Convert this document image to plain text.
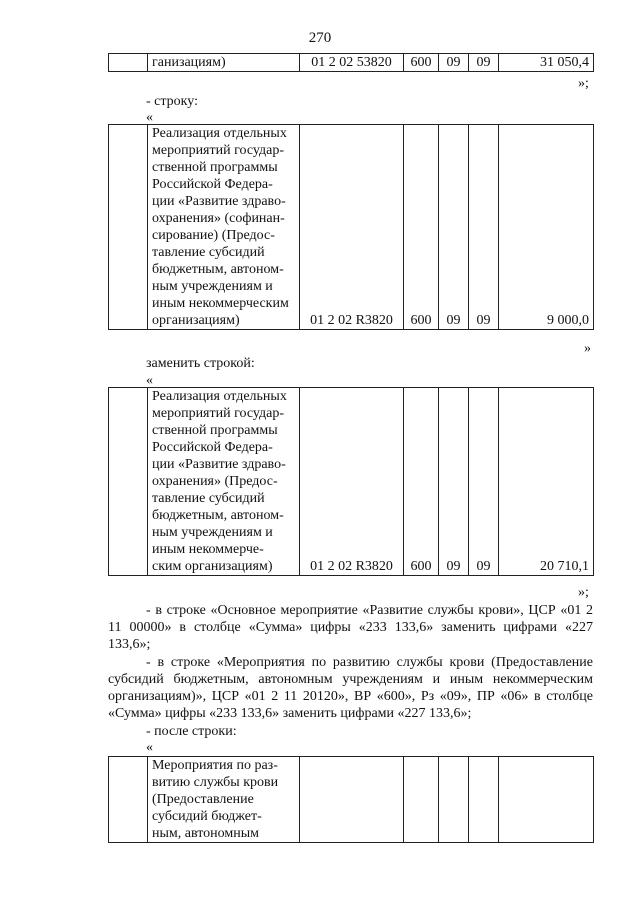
270
	ганизациям)	01 2 02 53820	600	09	09	31 050,4
»;
- строку:
«
	Реализация отдельных
мероприятий государ-
ственной программы
Российской Федера-
ции «Развитие здраво-
охранения» (софинан-
сирование) (Предос-
тавление субсидий
бюджетным, автоном-
ным учреждениям и
иным некоммерческим
организациям)	01 2 02 R3820	600	09	09	9 000,0
»
заменить строкой:
«
	Реализация отдельных
мероприятий государ-
ственной программы
Российской Федера-
ции «Развитие здраво-
охранения» (Предос-
тавление субсидий
бюджетным, автоном-
ным учреждениям и
иным некоммерче-
ским организациям)	01 2 02 R3820	600	09	09	20 710,1
»;
- в строке «Основное мероприятие «Развитие службы крови», ЦСР «01 2 11 00000» в столбце «Сумма» цифры «233 133,6» заменить цифрами «227 133,6»;
- в строке «Мероприятия по развитию службы крови (Предоставление субсидий бюджетным, автономным учреждениям и иным некоммерческим организациям)», ЦСР «01 2 11 20120», ВР «600», Рз «09», ПР «06» в столбце «Сумма» цифры «233 133,6» заменить цифрами «227 133,6»;
- после строки:
«
	Мероприятия по раз-
витию службы крови
(Предоставление
субсидий бюджет-
ным, автономным					
